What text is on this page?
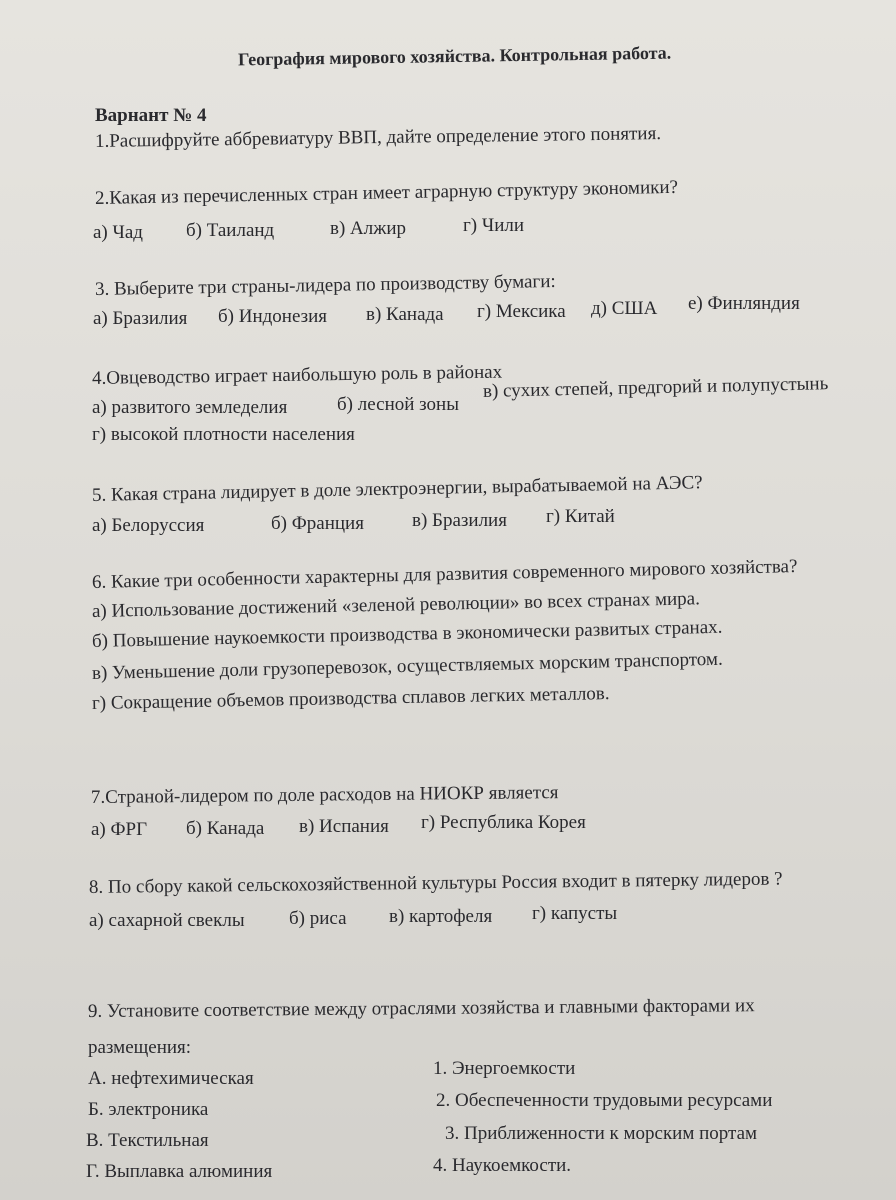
География мирового хозяйства. Контрольная работа.
Варнант № 4
1.Расшифруйте аббревиатуру ВВП, дайте определение этого понятия.
2.Какая из перечисленных стран имеет аграрную структуру экономики?
а) Чад б) Таиланд	в) Алжир	г) Чили
3. Выберите три страны-лидера по производству бумаги:
а) Бразилия б) Индонезия в) Канада г) Мексика д) США е) Финляндия
4.Овцеводство играет наибольшую роль в районах
а) развитого земледелия	б) лесной зоны
в) сухих степей, предгорий и полупустынь
г) высокой плотности населения
5. Какая страна лидирует в доле электроэнергии, вырабатываемой на АЭС?
а) Белоруссия	б) Франция	в) Бразилия г) Китай
6. Какие три особенности характерны для развития современного мирового хозяйства?
а) Использование достижений «зеленой революции» во всех странах мира.
б) Повышение наукоемкости производства в экономически развитых странах.
в) Уменьшение доли грузоперевозок, осуществляемых морским транспортом.
г) Сокращение объемов производства сплавов легких металлов.
7.Страной-лидером по доле расходов на НИОКР является
а) ФРГ б) Канада в) Испания г) Республика Корея
8. По сбору какой сельскохозяйственной культуры Россия входит в пятерку лидеров ?
а) сахарной свеклы б) риса в) картофеля г) капусты
9. Установите соответствие между отраслями хозяйства и главными факторами их
размещения:
А. нефтехимическая
Б. электроника
В. Текстильная
Г. Выплавка алюминия
1. Энергоемкости
2. Обеспеченности трудовыми ресурсами
3. Приближенности к морским портам
4. Наукоемкости.
